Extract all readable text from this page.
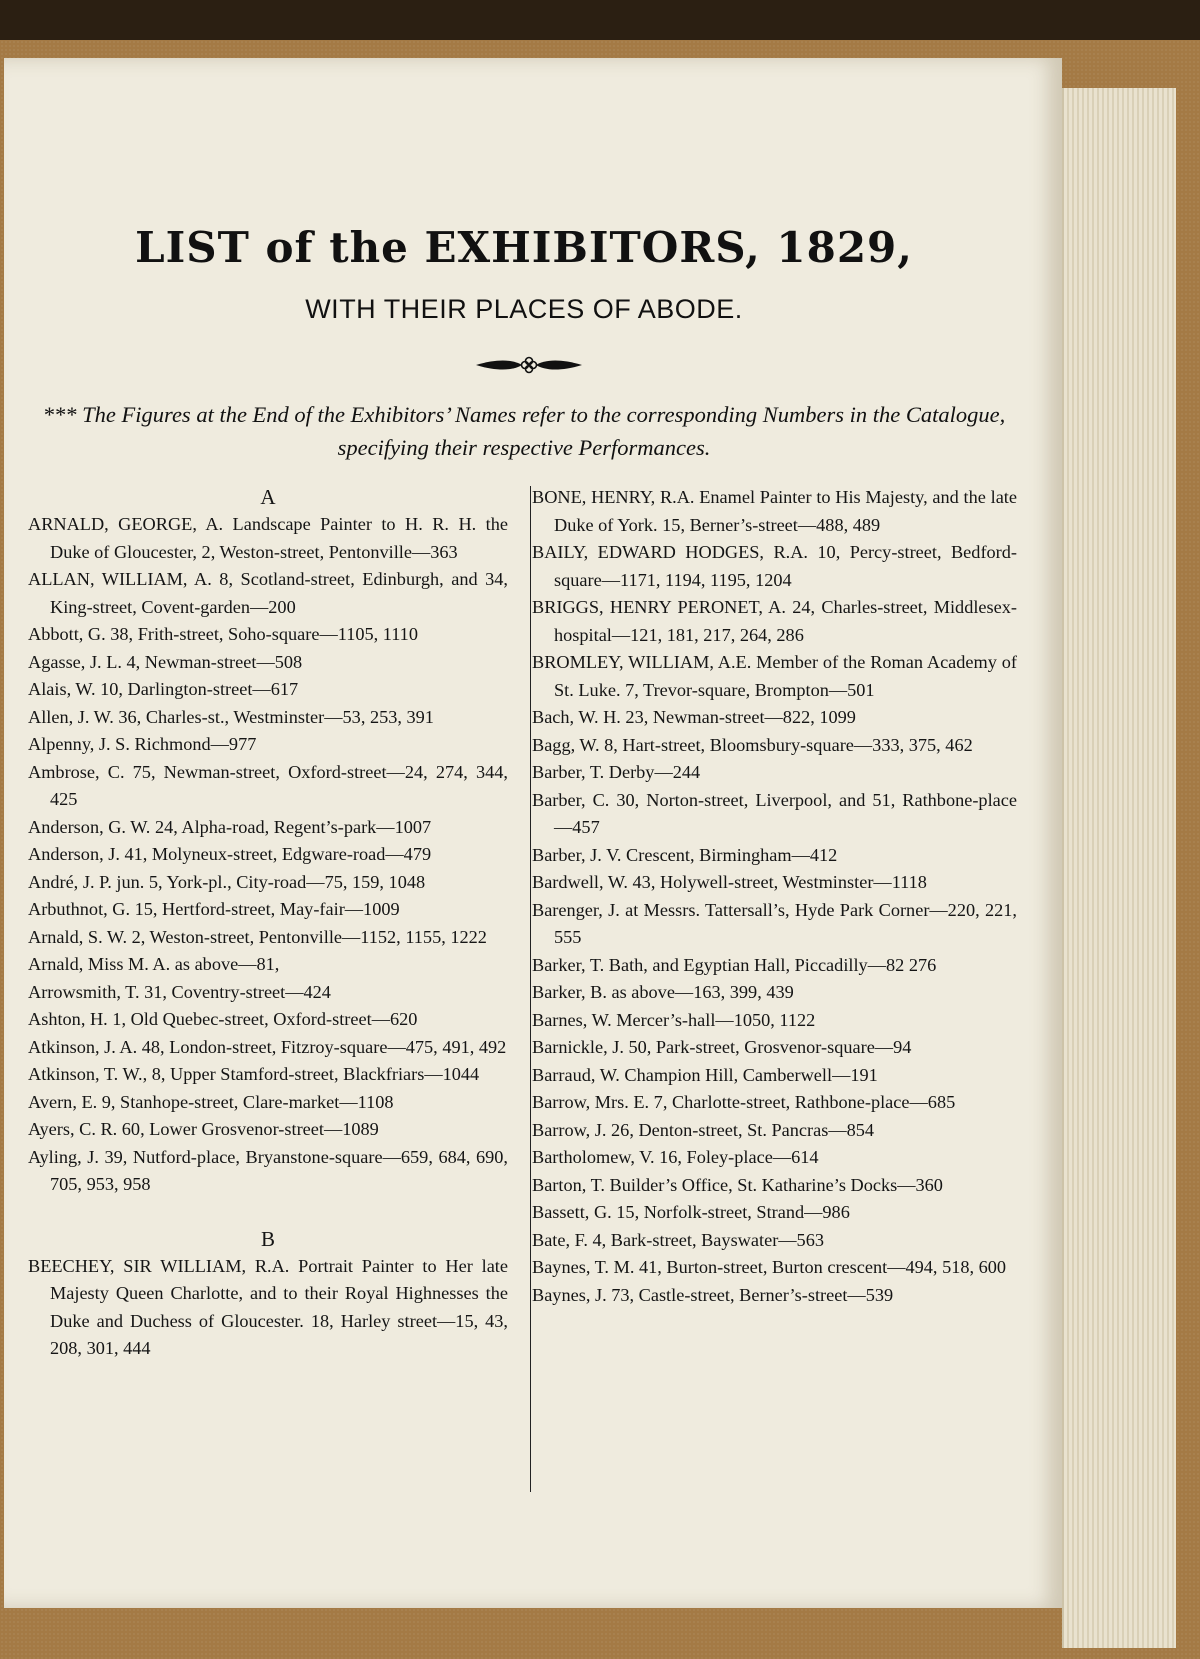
LIST of the EXHIBITORS, 1829,
WITH THEIR PLACES OF ABODE.
*** The Figures at the End of the Exhibitors’ Names refer to the corresponding Numbers in the Catalogue, specifying their respective Performances.

A

ARNALD, GEORGE, A. Landscape Painter to H. R. H. the Duke of Gloucester, 2, Weston-street, Pentonville—363

ALLAN, WILLIAM, A. 8, Scotland-street, Edinburgh, and 34, King-street, Covent-garden—200

Abbott, G. 38, Frith-street, Soho-square—1105, 1110

Agasse, J. L. 4, Newman-street—508

Alais, W. 10, Darlington-street—617

Allen, J. W. 36, Charles-st., Westminster—53, 253, 391

Alpenny, J. S. Richmond—977

Ambrose, C. 75, Newman-street, Oxford-street—24, 274, 344, 425

Anderson, G. W. 24, Alpha-road, Regent’s-park—1007

Anderson, J. 41, Molyneux-street, Edgware-road—479

André, J. P. jun. 5, York-pl., City-road—75, 159, 1048

Arbuthnot, G. 15, Hertford-street, May-fair—1009

Arnald, S. W. 2, Weston-street, Pentonville—1152, 1155, 1222

Arnald, Miss M. A. as above—81,

Arrowsmith, T. 31, Coventry-street—424

Ashton, H. 1, Old Quebec-street, Oxford-street—620

Atkinson, J. A. 48, London-street, Fitzroy-square—475, 491, 492

Atkinson, T. W., 8, Upper Stamford-street, Blackfriars—1044

Avern, E. 9, Stanhope-street, Clare-market—1108

Ayers, C. R. 60, Lower Grosvenor-street—1089

Ayling, J. 39, Nutford-place, Bryanstone-square—659, 684, 690, 705, 953, 958

B

BEECHEY, SIR WILLIAM, R.A. Portrait Painter to Her late Majesty Queen Charlotte, and to their Royal Highnesses the Duke and Duchess of Gloucester. 18, Harley street—15, 43, 208, 301, 444

BONE, HENRY, R.A. Enamel Painter to His Majesty, and the late Duke of York. 15, Berner’s-street—488, 489

BAILY, EDWARD HODGES, R.A. 10, Percy-street, Bedford-square—1171, 1194, 1195, 1204

BRIGGS, HENRY PERONET, A. 24, Charles-street, Middlesex-hospital—121, 181, 217, 264, 286

BROMLEY, WILLIAM, A.E. Member of the Roman Academy of St. Luke. 7, Trevor-square, Brompton—501

Bach, W. H. 23, Newman-street—822, 1099

Bagg, W. 8, Hart-street, Bloomsbury-square—333, 375, 462

Barber, T. Derby—244

Barber, C. 30, Norton-street, Liverpool, and 51, Rathbone-place—457

Barber, J. V. Crescent, Birmingham—412

Bardwell, W. 43, Holywell-street, Westminster—1118

Barenger, J. at Messrs. Tattersall’s, Hyde Park Corner—220, 221, 555

Barker, T. Bath, and Egyptian Hall, Piccadilly—82 276

Barker, B. as above—163, 399, 439

Barnes, W. Mercer’s-hall—1050, 1122

Barnickle, J. 50, Park-street, Grosvenor-square—94

Barraud, W. Champion Hill, Camberwell—191

Barrow, Mrs. E. 7, Charlotte-street, Rathbone-place—685

Barrow, J. 26, Denton-street, St. Pancras—854

Bartholomew, V. 16, Foley-place—614

Barton, T. Builder’s Office, St. Katharine’s Docks—360

Bassett, G. 15, Norfolk-street, Strand—986

Bate, F. 4, Bark-street, Bayswater—563

Baynes, T. M. 41, Burton-street, Burton crescent—494, 518, 600

Baynes, J. 73, Castle-street, Berner’s-street—539
